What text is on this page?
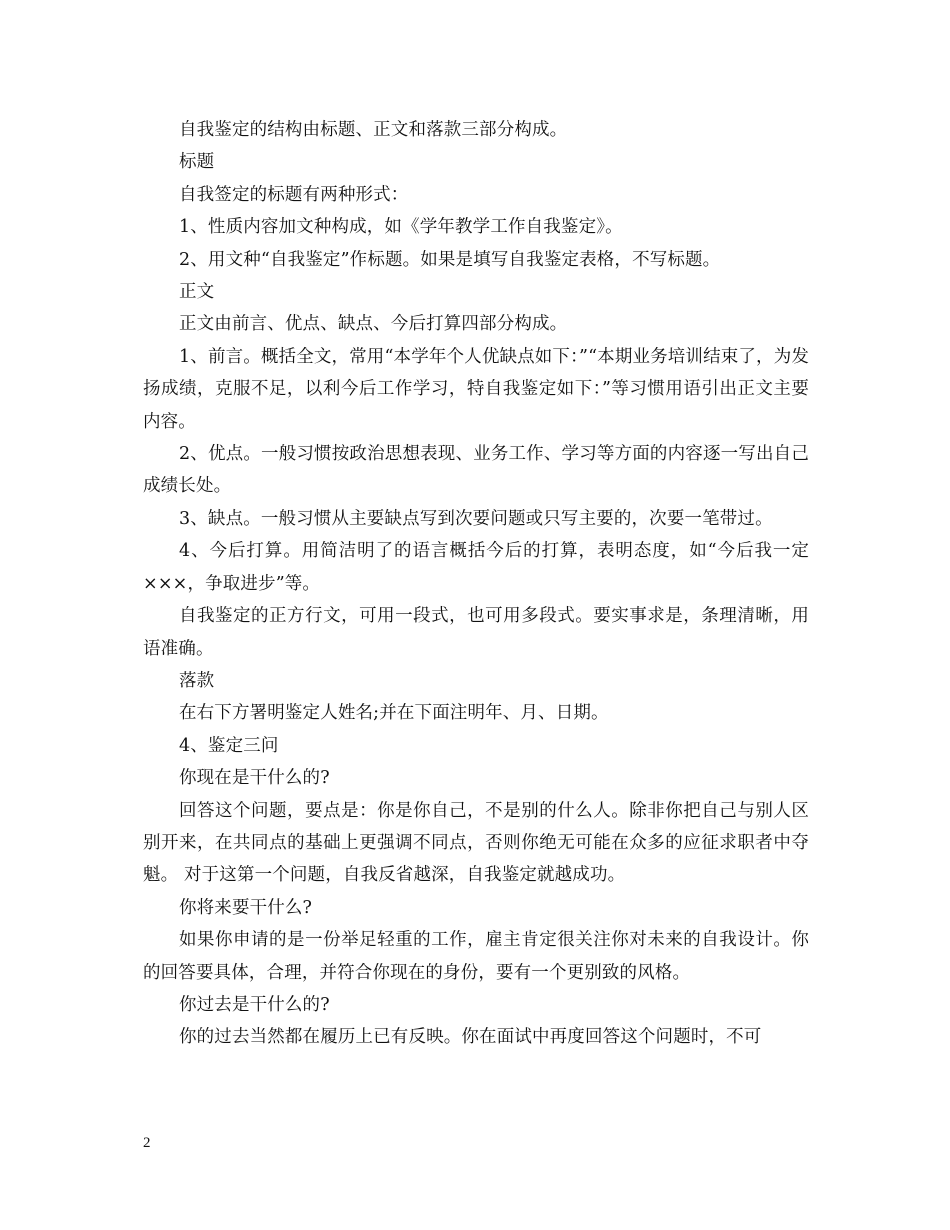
自我鉴定的结构由标题、正文和落款三部分构成。

标题

自我签定的标题有两种形式：

1、性质内容加文种构成，如《学年教学工作自我鉴定》。

2、用文种“自我鉴定”作标题。如果是填写自我鉴定表格，不写标题。

正文

正文由前言、优点、缺点、今后打算四部分构成。

1、前言。概括全文，常用“本学年个人优缺点如下：”“本期业务培训结束了，为发扬成绩，克服不足，以利今后工作学习，特自我鉴定如下：”等习惯用语引出正文主要内容。

2、优点。一般习惯按政治思想表现、业务工作、学习等方面的内容逐一写出自己成绩长处。

3、缺点。一般习惯从主要缺点写到次要问题或只写主要的，次要一笔带过。

4、今后打算。用简洁明了的语言概括今后的打算，表明态度，如“今后我一定×××，争取进步”等。

自我鉴定的正方行文，可用一段式，也可用多段式。要实事求是，条理清晰，用语准确。

落款

在右下方署明鉴定人姓名;并在下面注明年、月、日期。

4、鉴定三问

你现在是干什么的?

回答这个问题，要点是：你是你自己，不是别的什么人。除非你把自己与别人区别开来，在共同点的基础上更强调不同点，否则你绝无可能在众多的应征求职者中夺魁。 对于这第一个问题，自我反省越深，自我鉴定就越成功。

你将来要干什么?

如果你申请的是一份举足轻重的工作，雇主肯定很关注你对未来的自我设计。你的回答要具体，合理，并符合你现在的身份，要有一个更别致的风格。

你过去是干什么的?

你的过去当然都在履历上已有反映。你在面试中再度回答这个问题时，不可

2
